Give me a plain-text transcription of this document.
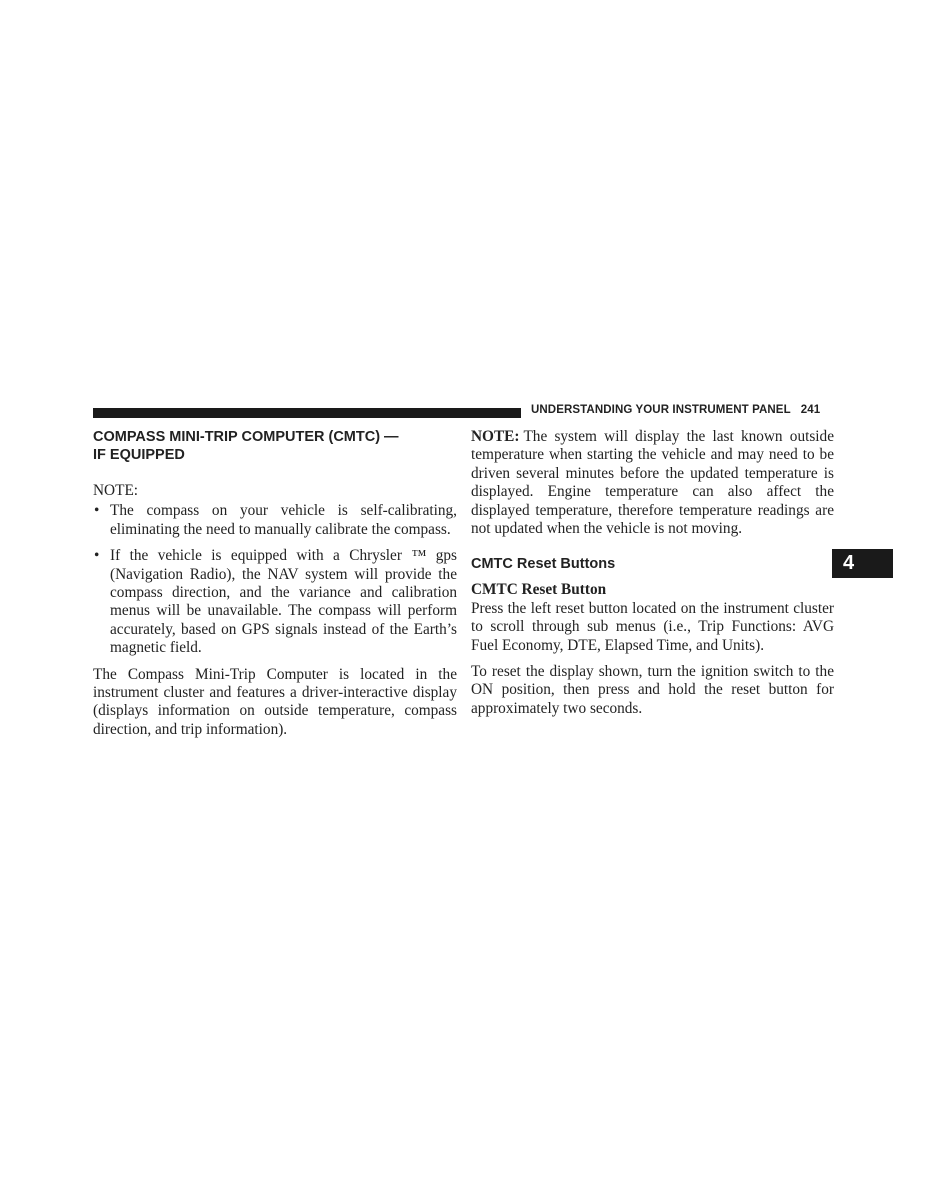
UNDERSTANDING YOUR INSTRUMENT PANEL 241
4
COMPASS MINI-TRIP COMPUTER (CMTC) —
IF EQUIPPED
NOTE:
• The compass on your vehicle is self-calibrating, eliminating the need to manually calibrate the compass.
• If the vehicle is equipped with a Chrysler ™ gps (Navigation Radio), the NAV system will provide the compass direction, and the variance and calibration menus will be unavailable. The compass will perform accurately, based on GPS signals instead of the Earth’s magnetic field.

The Compass Mini-Trip Computer is located in the instrument cluster and features a driver-interactive display (displays information on outside temperature, compass direction, and trip information).

NOTE: The system will display the last known outside temperature when starting the vehicle and may need to be driven several minutes before the updated temperature is displayed. Engine temperature can also affect the displayed temperature, therefore temperature readings are not updated when the vehicle is not moving.

CMTC Reset Buttons
CMTC Reset Button

Press the left reset button located on the instrument cluster to scroll through sub menus (i.e., Trip Functions: AVG Fuel Economy, DTE, Elapsed Time, and Units).

To reset the display shown, turn the ignition switch to the ON position, then press and hold the reset button for approximately two seconds.
